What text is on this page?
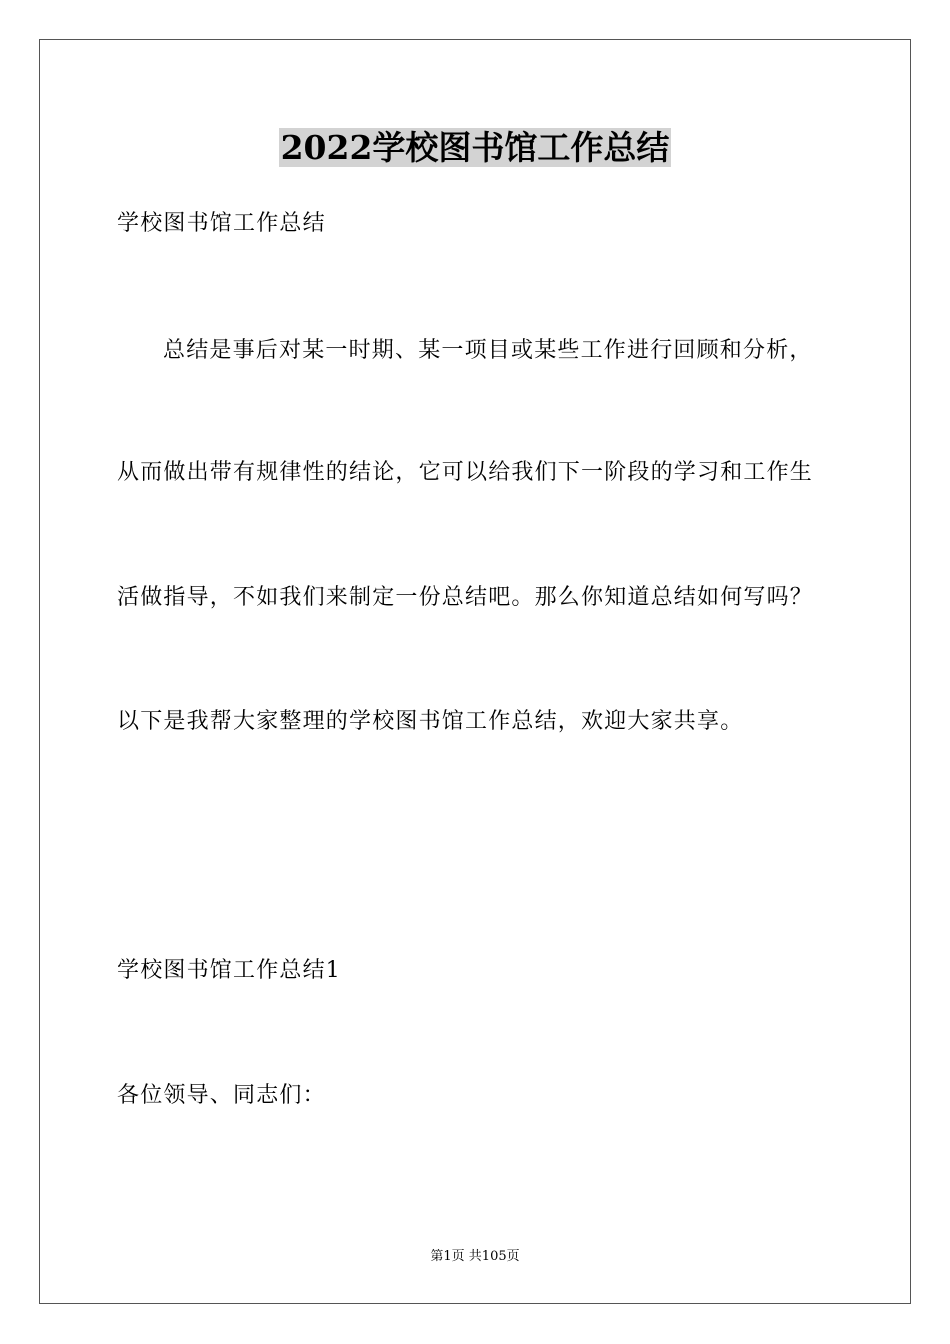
2022学校图书馆工作总结
学校图书馆工作总结
总结是事后对某一时期、某一项目或某些工作进行回顾和分析，
从而做出带有规律性的结论，它可以给我们下一阶段的学习和工作生
活做指导，不如我们来制定一份总结吧。那么你知道总结如何写吗？
以下是我帮大家整理的学校图书馆工作总结，欢迎大家共享。
学校图书馆工作总结1
各位领导、同志们：
第1页 共105页
